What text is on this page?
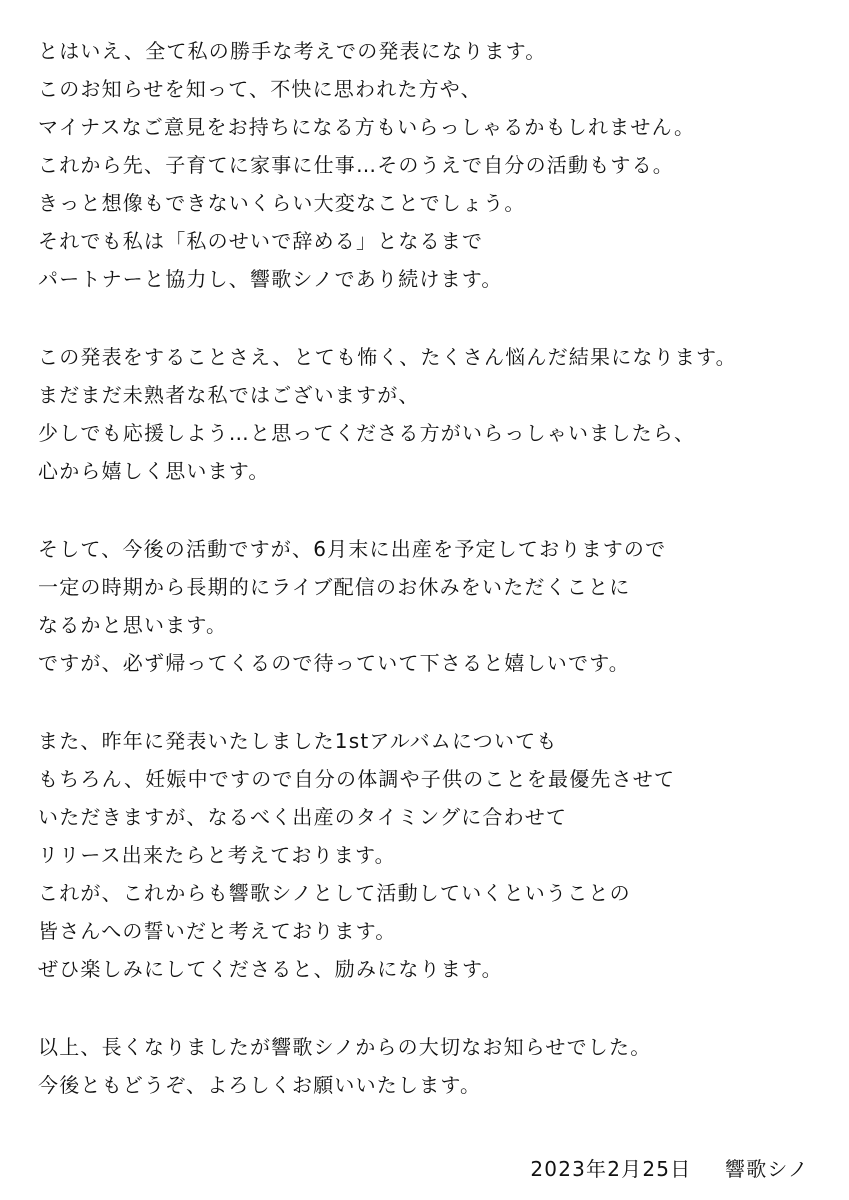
とはいえ、全て私の勝手な考えでの発表になります。
このお知らせを知って、不快に思われた方や、
マイナスなご意見をお持ちになる方もいらっしゃるかもしれません。
これから先、子育てに家事に仕事…そのうえで自分の活動もする。
きっと想像もできないくらい大変なことでしょう。
それでも私は「私のせいで辞める」となるまで
パートナーと協力し、響歌シノであり続けます。
この発表をすることさえ、とても怖く、たくさん悩んだ結果になります。
まだまだ未熟者な私ではございますが、
少しでも応援しよう…と思ってくださる方がいらっしゃいましたら、
心から嬉しく思います。
そして、今後の活動ですが、6月末に出産を予定しておりますので
一定の時期から長期的にライブ配信のお休みをいただくことに
なるかと思います。
ですが、必ず帰ってくるので待っていて下さると嬉しいです。
また、昨年に発表いたしました1stアルバムについても
もちろん、妊娠中ですので自分の体調や子供のことを最優先させて
いただきますが、なるべく出産のタイミングに合わせて
リリース出来たらと考えております。
これが、これからも響歌シノとして活動していくということの
皆さんへの誓いだと考えております。
ぜひ楽しみにしてくださると、励みになります。
以上、長くなりましたが響歌シノからの大切なお知らせでした。
今後ともどうぞ、よろしくお願いいたします。
2023年2月25日 響歌シノ
